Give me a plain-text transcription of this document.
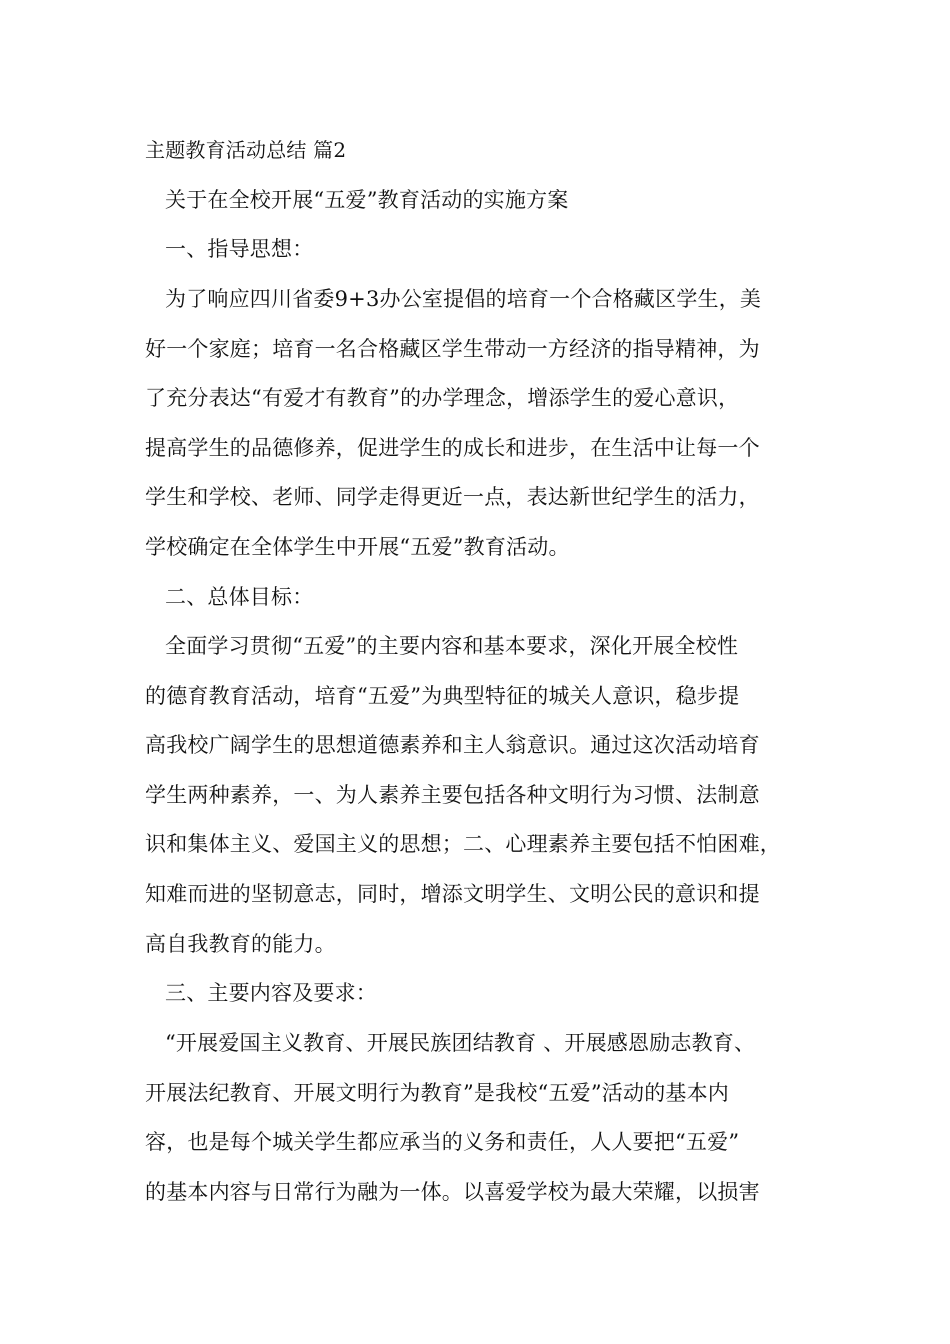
主题教育活动总结 篇2
关于在全校开展“五爱”教育活动的实施方案
一、指导思想：
为了响应四川省委9+3办公室提倡的培育一个合格藏区学生，美
好一个家庭；培育一名合格藏区学生带动一方经济的指导精神，为
了充分表达“有爱才有教育”的办学理念，增添学生的爱心意识，
提高学生的品德修养，促进学生的成长和进步，在生活中让每一个
学生和学校、老师、同学走得更近一点，表达新世纪学生的活力，
学校确定在全体学生中开展“五爱”教育活动。
二、总体目标：
全面学习贯彻“五爱”的主要内容和基本要求，深化开展全校性
的德育教育活动，培育“五爱”为典型特征的城关人意识，稳步提
高我校广阔学生的思想道德素养和主人翁意识。通过这次活动培育
学生两种素养，一、为人素养主要包括各种文明行为习惯、法制意
识和集体主义、爱国主义的思想；二、心理素养主要包括不怕困难，
知难而进的坚韧意志，同时，增添文明学生、文明公民的意识和提
高自我教育的能力。
三、主要内容及要求：
“开展爱国主义教育、开展民族团结教育 、开展感恩励志教育、
开展法纪教育、开展文明行为教育”是我校“五爱”活动的基本内
容，也是每个城关学生都应承当的义务和责任，人人要把“五爱”
的基本内容与日常行为融为一体。以喜爱学校为最大荣耀，以损害
